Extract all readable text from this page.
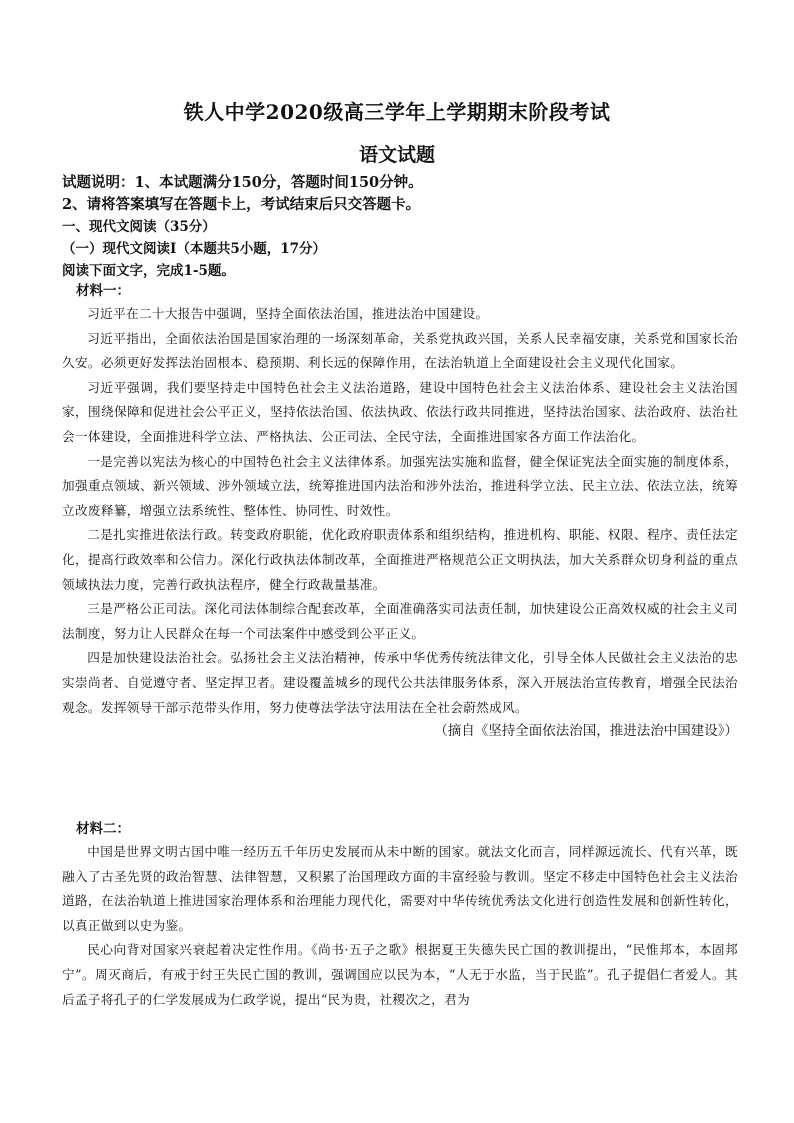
铁人中学2020级高三学年上学期期末阶段考试
语文试题
试题说明：1、本试题满分150分，答题时间150分钟。
2、请将答案填写在答题卡上，考试结束后只交答题卡。
一、现代文阅读（35分）
（一）现代文阅读Ⅰ（本题共5小题，17分）
阅读下面文字，完成1-5题。
材料一：
习近平在二十大报告中强调，坚持全面依法治国，推进法治中国建设。
习近平指出，全面依法治国是国家治理的一场深刻革命，关系党执政兴国，关系人民幸福安康，关系党和国家长治久安。必须更好发挥法治固根本、稳预期、利长远的保障作用，在法治轨道上全面建设社会主义现代化国家。
习近平强调，我们要坚持走中国特色社会主义法治道路，建设中国特色社会主义法治体系、建设社会主义法治国家，围绕保障和促进社会公平正义，坚持依法治国、依法执政、依法行政共同推进，坚持法治国家、法治政府、法治社会一体建设，全面推进科学立法、严格执法、公正司法、全民守法，全面推进国家各方面工作法治化。
一是完善以宪法为核心的中国特色社会主义法律体系。加强宪法实施和监督，健全保证宪法全面实施的制度体系，加强重点领域、新兴领域、涉外领域立法，统筹推进国内法治和涉外法治，推进科学立法、民主立法、依法立法，统筹立改废释纂，增强立法系统性、整体性、协同性、时效性。
二是扎实推进依法行政。转变政府职能，优化政府职责体系和组织结构，推进机构、职能、权限、程序、责任法定化，提高行政效率和公信力。深化行政执法体制改革，全面推进严格规范公正文明执法，加大关系群众切身利益的重点领域执法力度，完善行政执法程序，健全行政裁量基准。
三是严格公正司法。深化司法体制综合配套改革，全面准确落实司法责任制，加快建设公正高效权威的社会主义司法制度，努力让人民群众在每一个司法案件中感受到公平正义。
四是加快建设法治社会。弘扬社会主义法治精神，传承中华优秀传统法律文化，引导全体人民做社会主义法治的忠实崇尚者、自觉遵守者、坚定捍卫者。建设覆盖城乡的现代公共法律服务体系，深入开展法治宣传教育，增强全民法治观念。发挥领导干部示范带头作用，努力使尊法学法守法用法在全社会蔚然成风。
（摘自《坚持全面依法治国，推进法治中国建设》）
材料二：
中国是世界文明古国中唯一经历五千年历史发展而从未中断的国家。就法文化而言，同样源远流长、代有兴革，既融入了古圣先贤的政治智慧、法律智慧，又积累了治国理政方面的丰富经验与教训。坚定不移走中国特色社会主义法治道路，在法治轨道上推进国家治理体系和治理能力现代化，需要对中华传统优秀法文化进行创造性发展和创新性转化，以真正做到以史为鉴。
民心向背对国家兴衰起着决定性作用。《尚书·五子之歌》根据夏王失德失民亡国的教训提出，“民惟邦本，本固邦宁”。周灭商后，有戒于纣王失民亡国的教训，强调国应以民为本，“人无于水监，当于民监”。孔子提倡仁者爱人。其后孟子将孔子的仁学发展成为仁政学说，提出“民为贵，社稷次之，君为
